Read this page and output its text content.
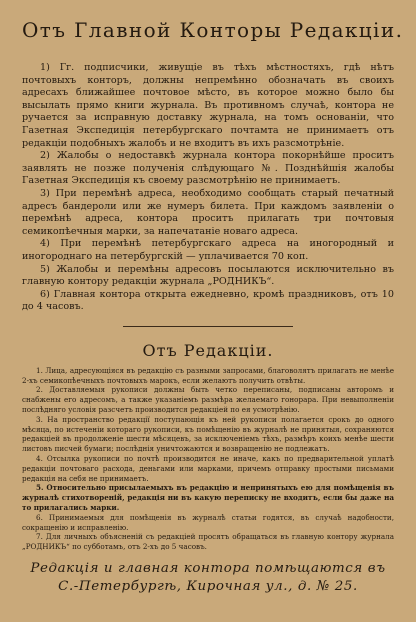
Отъ Главной Конторы Редакціи.

1) Гг. подписчики, живущіе въ тѣхъ мѣстностяхъ, гдѣ нѣтъ почтовыхъ конторъ, должны непремѣнно обозначать въ своихъ адресахъ ближайшее почтовое мѣсто, въ которое можно было бы высылать прямо книги журнала. Въ противномъ случаѣ, контора не ручается за исправную доставку журнала, на томъ основаніи, что Газетная Экспедиція петербургскаго почтамта не принимаетъ отъ редакціи подобныхъ жалобъ и не входитъ въ ихъ разсмотрѣніе.

2) Жалобы о недоставкѣ журнала контора покорнѣйше проситъ заявлять не позже полученія слѣдующаго №. Позднѣйшія жалобы Газетная Экспедиція къ своему разсмотрѣнію не принимаетъ.

3) При перемѣнѣ адреса, необходимо сообщать старый печатный адресъ бандероли или же нумеръ билета. При каждомъ заявленіи о перемѣнѣ адреса, контора проситъ прилагать три почтовыя семикопѣечныя марки, за напечатаніе новаго адреса.

4) При перемѣнѣ петербургскаго адреса на иногородный и иногороднаго на петербургскій — уплачивается 70 коп.

5) Жалобы и перемѣны адресовъ посылаются исключительно въ главную контору редакціи журнала „РОДНИКЪ“.

6) Главная контора открыта ежедневно, кромѣ праздниковъ, отъ 10 до 4 часовъ.

Отъ Редакціи.

1. Лица, адресующіяся въ редакцію съ разными запросами, благоволятъ прилагать не менѣе 2-хъ семикопѣечныхъ почтовыхъ марокъ, если желаютъ получить отвѣты.

2. Доставляемыя рукописи должны быть четко переписаны, подписаны авторомъ и снабжены его адресомъ, а также указаніемъ размѣра желаемаго гонорара. При невыполненіи послѣдняго условія разсчетъ производится редакціей по ея усмотрѣнію.

3. На пространство редакції поступающія къ ней рукописи полагается срокъ до одного мѣсяца, по истеченіи котораго рукописи, къ помѣщенію въ журналѣ не принятыя, сохраняются редакціей въ продолженіе шести мѣсяцевъ, за исключеніемъ тѣхъ, размѣръ коихъ менѣе шести листовъ писчей бумаги; послѣднія уничтожаются и возвращенію не подлежатъ.

4. Отсылка рукописи по почтѣ производится не иначе, какъ по предварительной уплатѣ редакціи почтоваго расхода, деньгами или марками, причемъ отправку простыми письмами редакція на себя не принимаетъ.

5. Относительно присылаемыхъ въ редакцію и непринятыхъ ею для помѣщенія въ журналѣ стихотвореній, редакція ни въ какую переписку не входитъ, если бы даже на то прилагались марки.

6. Принимаемыя для помѣщенія въ журналѣ статьи годятся, въ случаѣ надобности, сокращенію и исправленію.

7. Для личныхъ объясненій съ редакціей просятъ обращаться въ главную контору журнала „РОДНИКЪ“ по субботамъ, отъ 2-хъ до 5 часовъ.

Редакція и главная контора помѣщаются въ С.-Петербургѣ, Кирочная ул., д. № 25.
